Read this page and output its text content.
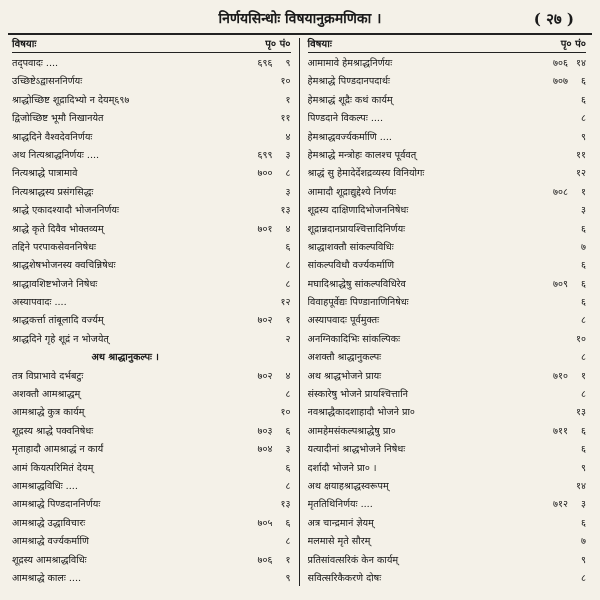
निर्णयसिन्धोः विषयानुक्रमणिका ।	( २७ )
विषयाः	पृ० पं०
तद्पवादः ....	६९६	९
उच्छिष्टेऽद्वासननिर्णयः	१०
श्राद्धोच्छिष्ट शूद्रादिभ्यो न देयम्६९७	१
द्विजोच्छिष्ट भूमौ निखानयेत	११
श्राद्धदिने वैश्वदेवनिर्णयः	४
अथ नित्यश्राद्धनिर्णयः ....	६९९	३
नित्यश्राद्धे पात्रामावे	७००	८
नित्यश्राद्धस्य प्रसंगसिद्धः	३
श्राद्धे एकादश्यादौ भोजननिर्णयः	१३
श्राद्धे कृते दिवैव भोक्तव्यम्	७०१	४
तद्दिने परपाकसेवननिषेधः	६
श्राद्धशेषभोजनस्य क्वचिन्निषेधः	८
श्राद्धावशिष्टभोजने निषेधः	८
अस्यापवादः ....	१२
श्राद्धकर्त्ता तांबूलादि वर्ज्यम्	७०२	१
श्राद्धदिने गृहे शूद्रं न भोजयेत्	२
अथ श्राद्धानुकल्पः ।
तत्र विप्राभावे दर्भबटुः	७०२	४
अशक्तौ आमश्राद्धम्	८
आमश्राद्धे कुत्र कार्यम्	१०
शूद्रस्य श्राद्धे पक्वनिषेधः	७०३	६
मृताहादौ आमश्राद्धं न कार्यं	७०४	३
आमं कियत्परिमितं देयम्	६
आमश्राद्धविधिः ....	८
आमश्राद्धे पिण्डदाननिर्णयः	१३
आमश्राद्धे उद्धाविचारः	७०५	६
आमश्राद्धे वर्ज्यकर्माणि	८
शूद्रस्य आमश्राद्धविधिः	७०६	१
आमश्राद्धे कालः ....	९
विषयाः	पृ० पं०
आमामावे हेमश्राद्धनिर्णयः	७०६ १४
हेमश्राद्धे पिण्डदानपदार्थः	७०७	६
हेमश्राद्धं शूद्रैः कथं कार्यम्	६
पिण्डदाने विकल्पः ....	८
हेमश्राद्धवर्ज्यकर्माणि ....	९
हेमश्राद्धे मन्त्रोहः कालश्च पूर्ववत्	११
श्राद्धं सु हेमादेर्देशद्रव्यस्य विनियोगः	१२
आमादौ शूद्राद्युद्देश्ये निर्णयः	७०८	१
शूद्रस्य दाक्षिणादिभोजननिषेधः	३
शूद्रान्नदानप्रायश्चित्तादिनिर्णयः	६
श्राद्धाशक्तौ सांकल्पविधिः	७
सांकल्पविधौ वर्ज्यकर्माणि	६
मघादिश्राद्धेषु सांकल्पविधिरेव	७०९	६
विवाहपूर्वेद्यः पिण्डानाणिनिषेधः	६
अस्यापवादः पूर्वमुक्तः	८
अनग्निकादिभिः सांकल्पिकः	१०
अशक्तौ श्राद्धानुकल्पः	८
अथ श्राद्धभोजने प्रायः	७१०	१
संस्कारेषु भोजने प्रायश्चित्तानि	८
नवश्राद्धैकादशाहादौ भोजने प्रा०	१३
आमहेमसंकल्पश्राद्धेषु प्रा०	७११	६
यत्यादीनां श्राद्धभोजने निषेधः	६
दर्शादौ भोजने प्रा० ।	९
अथ क्षयाहश्राद्धस्वरूपम्	१४
मृततिथिनिर्णयः ....	७१२	३
अत्र चान्द्रमानं ज्ञेयम्	६
मलमासे मृते सौरम्	७
प्रतिसांवत्सरिकं केन कार्यम्	९
सवित्सरिकैकरणे दोषः	८
